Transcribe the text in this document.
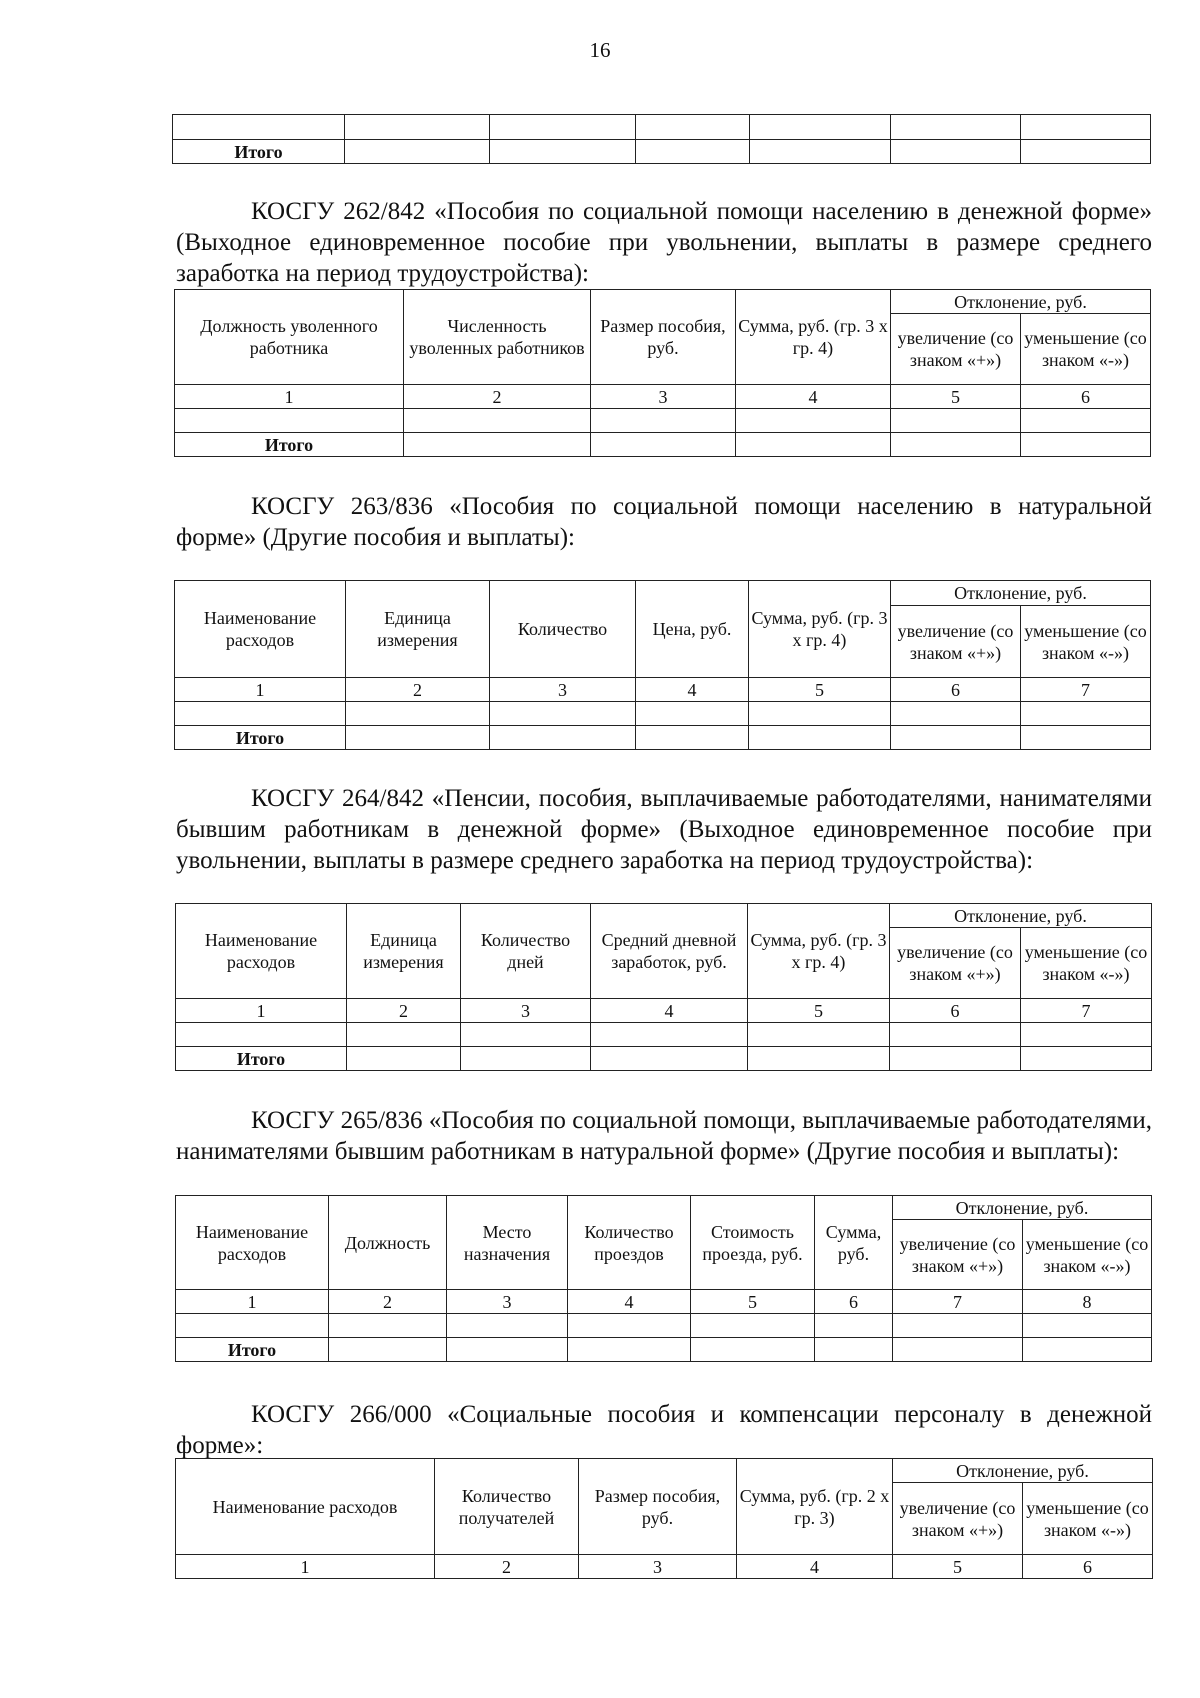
16

Итого						

КОСГУ 262/842 «Пособия по социальной помощи населению в денежной форме» (Выходное единовременное пособие при увольнении, выплаты в размере среднего заработка на период трудоустройства):

Должность уволенного работника	Численность уволенных работников	Размер пособия, руб.	Сумма, руб. (гр. 3 х гр. 4)	Отклонение, руб.	
				увеличение (со знаком «+»)	уменьшение (со знаком «-»)
1	2	3	4	5	6

Итого					

КОСГУ 263/836 «Пособия по социальной помощи населению в натуральной форме» (Другие пособия и выплаты):

Наименование расходов	Единица измерения	Количество	Цена, руб.	Сумма, руб. (гр. 3 х гр. 4)	Отклонение, руб.	
					увеличение (со знаком «+»)	уменьшение (со знаком «-»)
1	2	3	4	5	6	7

Итого						

КОСГУ 264/842 «Пенсии, пособия, выплачиваемые работодателями, нанимателями бывшим работникам в денежной форме» (Выходное единовременное пособие при увольнении, выплаты в размере среднего заработка на период трудоустройства):

Наименование расходов	Единица измерения	Количество дней	Средний дневной заработок, руб.	Сумма, руб. (гр. 3 х гр. 4)	Отклонение, руб.	
					увеличение (со знаком «+»)	уменьшение (со знаком «-»)
1	2	3	4	5	6	7

Итого						

КОСГУ 265/836 «Пособия по социальной помощи, выплачиваемые работодателями, нанимателями бывшим работникам в натуральной форме» (Другие пособия и выплаты):

Наименование расходов	Должность	Место назначения	Количество проездов	Стоимость проезда, руб.	Сумма, руб.	Отклонение, руб.	
						увеличение (со знаком «+»)	уменьшение (со знаком «-»)
1	2	3	4	5	6	7	8

Итого							

КОСГУ 266/000 «Социальные пособия и компенсации персоналу в денежной форме»:

Наименование расходов	Количество получателей	Размер пособия, руб.	Сумма, руб. (гр. 2 х гр. 3)	Отклонение, руб.	
				увеличение (со знаком «+»)	уменьшение (со знаком «-»)
1	2	3	4	5	6
